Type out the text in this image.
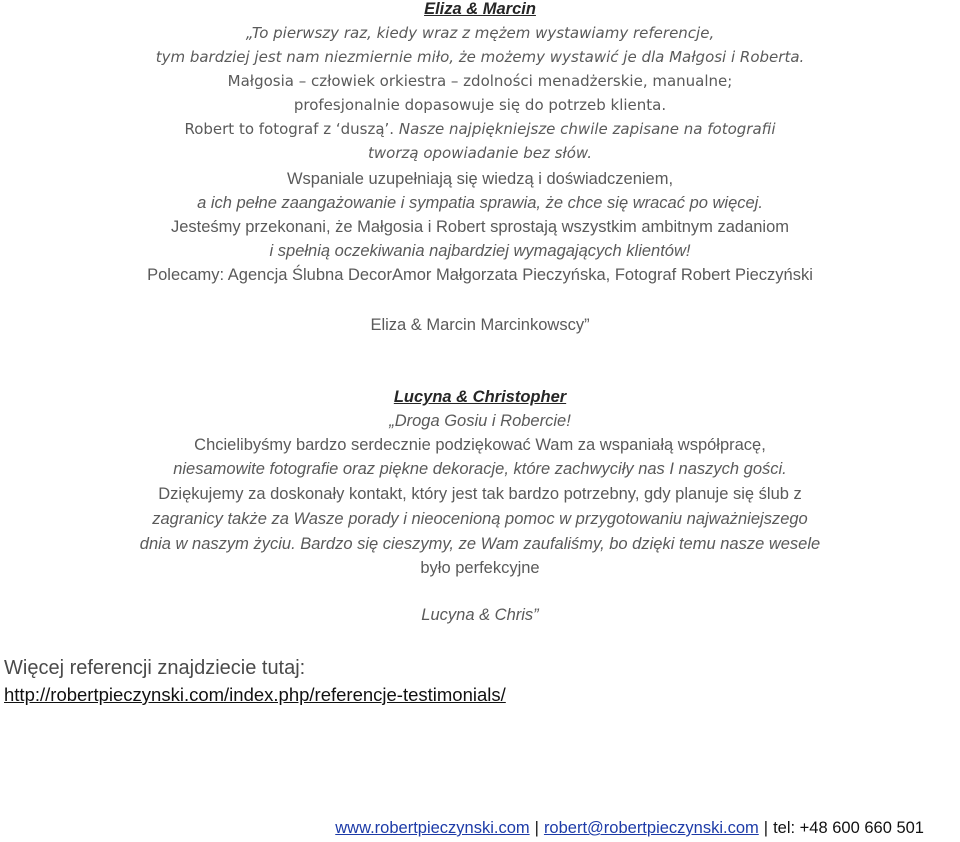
Eliza & Marcin
„To pierwszy raz, kiedy wraz z mężem wystawiamy referencje,
tym bardziej jest nam niezmiernie miło, że możemy wystawić je dla Małgosi i Roberta.
Małgosia – człowiek orkiestra – zdolności menadżerskie, manualne;
profesjonalnie dopasowuje się do potrzeb klienta.
Robert to fotograf z ‘duszą’. Nasze najpiękniejsze chwile zapisane na fotografii
tworzą opowiadanie bez słów.
Wspaniale uzupełniają się wiedzą i doświadczeniem,
a ich pełne zaangażowanie i sympatia sprawia, że chce się wracać po więcej.
Jesteśmy przekonani, że Małgosia i Robert sprostają wszystkim ambitnym zadaniom
i spełnią oczekiwania najbardziej wymagających klientów!
Polecamy: Agencja Ślubna DecorAmor Małgorzata Pieczyńska, Fotograf Robert Pieczyński
Eliza & Marcin Marcinkowscy”
Lucyna & Christopher
„Droga Gosiu i Robercie!
Chcielibyśmy bardzo serdecznie podziękować Wam za wspaniałą współpracę,
niesamowite fotografie oraz piękne dekoracje, które zachwyciły nas I naszych gości.
Dziękujemy za doskonały kontakt, który jest tak bardzo potrzebny, gdy planuje się ślub z
zagranicy także za Wasze porady i nieocenioną pomoc w przygotowaniu najważniejszego
dnia w naszym życiu. Bardzo się cieszymy, ze Wam zaufaliśmy, bo dzięki temu nasze wesele
było perfekcyjne
Lucyna & Chris”
Więcej referencji znajdziecie tutaj:
http://robertpieczynski.com/index.php/referencje-testimonials/
www.robertpieczynski.com | robert@robertpieczynski.com | tel: +48 600 660 501
